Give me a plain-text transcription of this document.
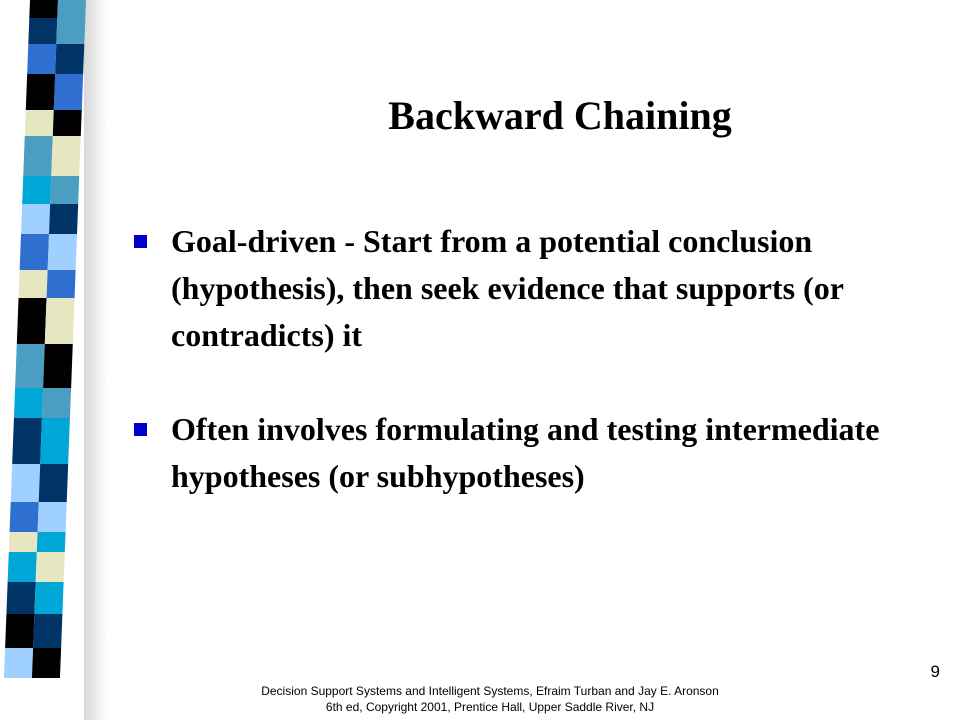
Backward Chaining
Goal-driven - Start from a potential conclusion (hypothesis), then seek evidence that supports (or contradicts) it
Often involves formulating and testing intermediate hypotheses (or subhypotheses)
9
Decision Support Systems and Intelligent Systems, Efraim Turban and Jay E. Aronson
6th ed, Copyright 2001, Prentice Hall, Upper Saddle River, NJ
